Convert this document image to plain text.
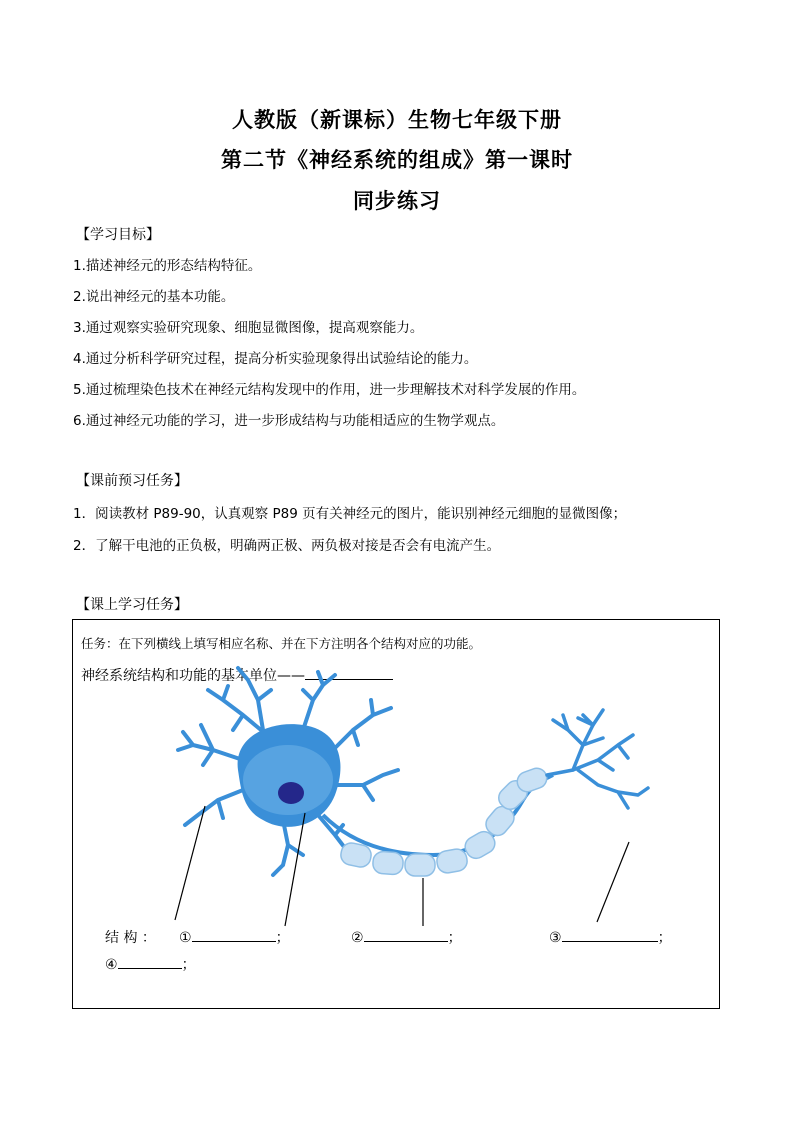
人教版（新课标）生物七年级下册
第二节《神经系统的组成》第一课时
同步练习
【学习目标】
1.描述神经元的形态结构特征。
2.说出神经元的基本功能。
3.通过观察实验研究现象、细胞显微图像，提高观察能力。
4.通过分析科学研究过程，提高分析实验现象得出试验结论的能力。
5.通过梳理染色技术在神经元结构发现中的作用，进一步理解技术对科学发展的作用。
6.通过神经元功能的学习，进一步形成结构与功能相适应的生物学观点。
【课前预习任务】
1．阅读教材 P89-90，认真观察 P89 页有关神经元的图片，能识别神经元细胞的显微图像；
2．了解干电池的正负极，明确两正极、两负极对接是否会有电流产生。
【课上学习任务】
任务：在下列横线上填写相应名称、并在下方注明各个结构对应的功能。
神经系统结构和功能的基本单位——
结 构 ： ①	；	②	；	③	；
④	；
